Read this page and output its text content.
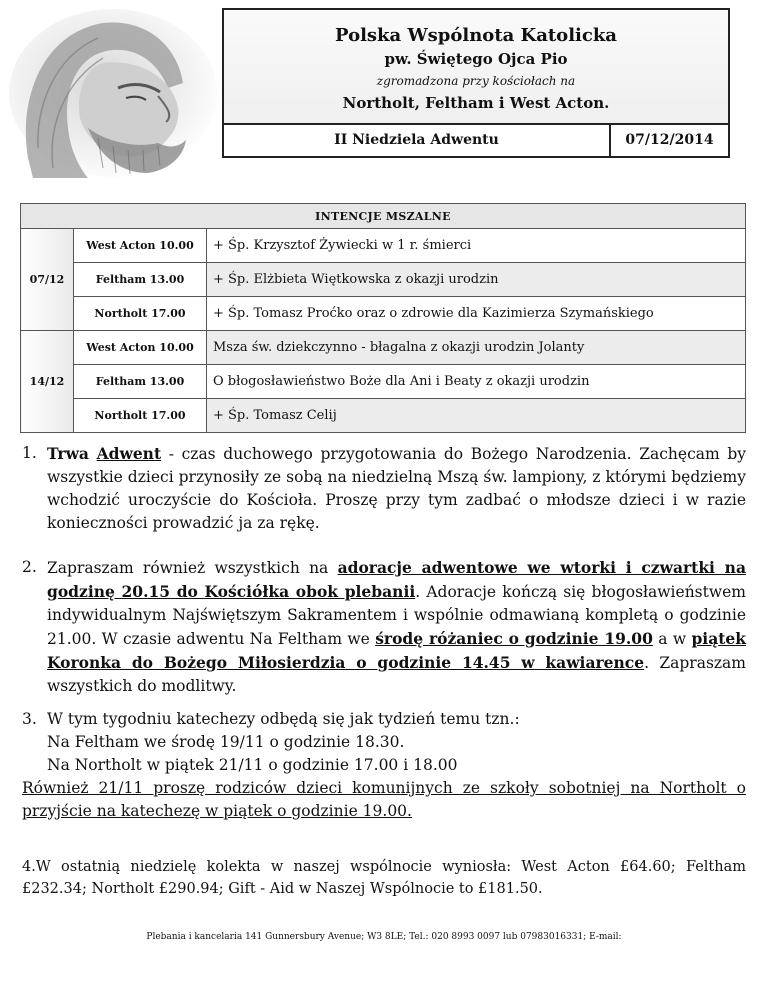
Polska Wspólnota Katolicka
pw. Świętego Ojca Pio
zgromadzona przy kościołach na
Northolt, Feltham i West Acton.
II Niedziela Adwentu	07/12/2014
INTENCJE MSZALNE		
07/12	West Acton 10.00	+ Śp. Krzysztof Żywiecki w 1 r. śmierci
	Feltham 13.00	+ Śp. Elżbieta Więtkowska z okazji urodzin
	Northolt 17.00	+ Śp. Tomasz Proćko oraz o zdrowie dla Kazimierza Szymańskiego
14/12	West Acton 10.00	Msza św. dziekczynno - błagalna z okazji urodzin Jolanty
	Feltham 13.00	O błogosławieństwo Boże dla Ani i Beaty z okazji urodzin
	Northolt 17.00	+ Śp. Tomasz Celij
1. Trwa Adwent - czas duchowego przygotowania do Bożego Narodzenia. Zachęcam by wszystkie dzieci przynosiły ze sobą na niedzielną Mszą św. lampiony, z którymi będziemy wchodzić uroczyście do Kościoła. Proszę przy tym zadbać o młodsze dzieci i w razie konieczności prowadzić ja za rękę.
2. Zapraszam również wszystkich na adoracje adwentowe we wtorki i czwartki na godzinę 20.15 do Kościółka obok plebanii. Adoracje kończą się błogosławieństwem indywidualnym Najświętszym Sakramentem i wspólnie odmawianą kompletą o godzinie 21.00. W czasie adwentu Na Feltham we środę różaniec o godzinie 19.00 a w piątek Koronka do Bożego Miłosierdzia o godzinie 14.45 w kawiarence. Zapraszam wszystkich do modlitwy.
3. W tym tygodniu katechezy odbędą się jak tydzień temu tzn.:
Na Feltham we środę 19/11 o godzinie 18.30.
Na Northolt w piątek 21/11 o godzinie 17.00 i 18.00
Również 21/11 proszę rodziców dzieci komunijnych ze szkoły sobotniej na Northolt o przyjście na katechezę w piątek o godzinie 19.00.
4.W ostatnią niedzielę kolekta w naszej wspólnocie wyniosła: West Acton £64.60; Feltham £232.34; Northolt £290.94; Gift - Aid w Naszej Wspólnocie to £181.50.
Plebania i kancelaria 141 Gunnersbury Avenue; W3 8LE; Tel.: 020 8993 0097 lub 07983016331; E-mail:
